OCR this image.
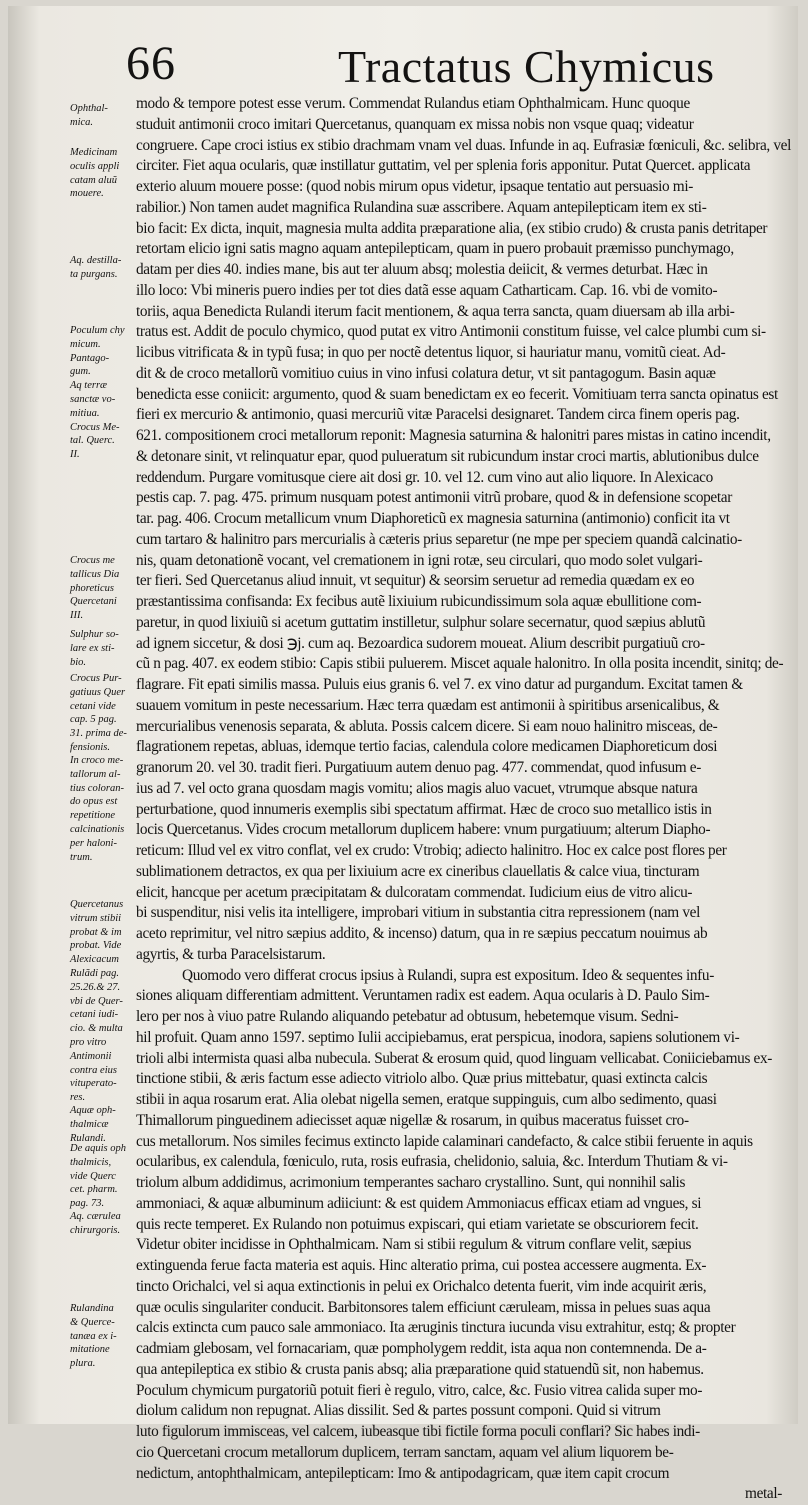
66	Tractatus Chymicus
Ophthal-
mica.
Medicinam
oculis appli
catam aluũ
mouere.
Aq. destilla-
ta purgans.
Poculum chy
micum.
Pantago-
gum.
Aq terræ
sanctæ vo-
mitiua.
Crocus Me-
tal. Querc.
II.
Crocus me
tallicus Dia
phoreticus
Quercetani
III.
Sulphur so-
lare ex sti-
bio.
Crocus Pur-
gatiuus Quer
cetani vide
cap. 5 pag.
31. prima de-
fensionis.
In croco me-
tallorum al-
tius coloran-
do opus est
repetitione
calcinationis
per haloni-
trum.
Quercetanus
vitrum stibii
probat & im
probat. Vide
Alexicacum
Rulãdi pag.
25.26.& 27.
vbi de Quer-
cetani iudi-
cio. & multa
pro vitro
Antimonii
contra eius
vituperato-
res.
Aquæ oph-
thalmicæ
Rulandi.
De aquis oph
thalmicis,
vide Querc
cet. pharm.
pag. 73.
Aq. cærulea
chirurgoris.
Rulandina
& Querce-
tanæa ex i-
mitatione
plura.
modo & tempore potest esse verum. Commendat Rulandus etiam Ophthalmicam. Hunc quoque
studuit antimonii croco imitari Quercetanus, quanquam ex missa nobis non vsque quaq; videatur
congruere. Cape croci istius ex stibio drachmam vnam vel duas. Infunde in aq. Eufrasiæ fœniculi, &c. selibra, vel
circiter. Fiet aqua ocularis, quæ instillatur guttatim, vel per splenia foris apponitur. Putat Quercet. applicata
exterio aluum mouere posse: (quod nobis mirum opus videtur, ipsaque tentatio aut persuasio mi-
rabilior.) Non tamen audet magnifica Rulandina suæ asscribere. Aquam antepilepticam item ex sti-
bio facit: Ex dicta, inquit, magnesia multa addita præparatione alia, (ex stibio crudo) & crusta panis detritaper
retortam elicio igni satis magno aquam antepilepticam, quam in puero probauit præmisso punchymago,
datam per dies 40. indies mane, bis aut ter aluum absq; molestia deiicit, & vermes deturbat. Hæc in
illo loco: Vbi mineris puero indies per tot dies datã esse aquam Catharticam. Cap. 16. vbi de vomito-
toriis, aqua Benedicta Rulandi iterum facit mentionem, & aqua terra sancta, quam diuersam ab illa arbi-
tratus est. Addit de poculo chymico, quod putat ex vitro Antimonii constitum fuisse, vel calce plumbi cum si-
licibus vitrificata & in typũ fusa; in quo per noctẽ detentus liquor, si hauriatur manu, vomitũ cieat. Ad-
dit & de croco metallorũ vomitiuo cuius in vino infusi colatura detur, vt sit pantagogum. Basin aquæ
benedicta esse coniicit: argumento, quod & suam benedictam ex eo fecerit. Vomitiuam terra sancta opinatus est
fieri ex mercurio & antimonio, quasi mercuriũ vitæ Paracelsi designaret. Tandem circa finem operis pag.
621. compositionem croci metallorum reponit: Magnesia saturnina & halonitri pares mistas in catino incendit,
& detonare sinit, vt relinquatur epar, quod pulueratum sit rubicundum instar croci martis, ablutionibus dulce
reddendum. Purgare vomitusque ciere ait dosi gr. 10. vel 12. cum vino aut alio liquore. In Alexicaco
pestis cap. 7. pag. 475. primum nusquam potest antimonii vitrũ probare, quod & in defensione scopetar
tar. pag. 406. Crocum metallicum vnum Diaphoreticũ ex magnesia saturnina (antimonio) conficit ita vt
cum tartaro & halinitro pars mercurialis à cæteris prius separetur (ne mpe per speciem quandã calcinatio-
nis, quam detonationẽ vocant, vel cremationem in igni rotæ, seu circulari, quo modo solet vulgari-
ter fieri. Sed Quercetanus aliud innuit, vt sequitur) & seorsim seruetur ad remedia quædam ex eo
præstantissima confisanda: Ex fecibus autẽ lixiuium rubicundissimum sola aquæ ebullitione com-
paretur, in quod lixiuiũ si acetum guttatim instilletur, sulphur solare secernatur, quod sæpius ablutũ
ad ignem siccetur, & dosi ℈j. cum aq. Bezoardica sudorem moueat. Alium describit purgatiuũ cro-
cũ n pag. 407. ex eodem stibio: Capis stibii puluerem. Miscet aquale halonitro. In olla posita incendit, sinitq; de-
flagrare. Fit epati similis massa. Puluis eius granis 6. vel 7. ex vino datur ad purgandum. Excitat tamen &
suauem vomitum in peste necessarium. Hæc terra quædam est antimonii à spiritibus arsenicalibus, &
mercurialibus venenosis separata, & abluta. Possis calcem dicere. Si eam nouo halinitro misceas, de-
flagrationem repetas, abluas, idemque tertio facias, calendula colore medicamen Diaphoreticum dosi
granorum 20. vel 30. tradit fieri. Purgatiuum autem denuo pag. 477. commendat, quod infusum e-
ius ad 7. vel octo grana quosdam magis vomitu; alios magis aluo vacuet, vtrumque absque natura
perturbatione, quod innumeris exemplis sibi spectatum affirmat. Hæc de croco suo metallico istis in
locis Quercetanus. Vides crocum metallorum duplicem habere: vnum purgatiuum; alterum Diapho-
reticum: Illud vel ex vitro conflat, vel ex crudo: Vtrobiq; adiecto halinitro. Hoc ex calce post flores per
sublimationem detractos, ex qua per lixiuium acre ex cineribus clauellatis & calce viua, tincturam
elicit, hancque per acetum præcipitatam & dulcoratam commendat. Iudicium eius de vitro alicu-
bi suspenditur, nisi velis ita intelligere, improbari vitium in substantia citra repressionem (nam vel
aceto reprimitur, vel nitro sæpius addito, & incenso) datum, qua in re sæpius peccatum nouimus ab
agyrtis, & turba Paracelsistarum.
Quomodo vero differat crocus ipsius à Rulandi, supra est expositum. Ideo & sequentes infu-
siones aliquam differentiam admittent. Veruntamen radix est eadem. Aqua ocularis à D. Paulo Sim-
lero per nos à viuo patre Rulando aliquando petebatur ad obtusum, hebetemque visum. Sedni-
hil profuit. Quam anno 1597. septimo Iulii accipiebamus, erat perspicua, inodora, sapiens solutionem vi-
trioli albi intermista quasi alba nubecula. Suberat & erosum quid, quod linguam vellicabat. Coniiciebamus ex-
tinctione stibii, & æris factum esse adiecto vitriolo albo. Quæ prius mittebatur, quasi extincta calcis
stibii in aqua rosarum erat. Alia olebat nigella semen, eratque suppinguis, cum albo sedimento, quasi
Thimallorum pinguedinem adiecisset aquæ nigellæ & rosarum, in quibus maceratus fuisset cro-
cus metallorum. Nos similes fecimus extincto lapide calaminari candefacto, & calce stibii feruente in aquis
ocularibus, ex calendula, fœniculo, ruta, rosis eufrasia, chelidonio, saluia, &c. Interdum Thutiam & vi-
triolum album addidimus, acrimonium temperantes sacharo crystallino. Sunt, qui nonnihil salis
ammoniaci, & aquæ albuminum adiiciunt: & est quidem Ammoniacus efficax etiam ad vngues, si
quis recte temperet. Ex Rulando non potuimus expiscari, qui etiam varietate se obscuriorem fecit.
Videtur obiter incidisse in Ophthalmicam. Nam si stibii regulum & vitrum conflare velit, sæpius
extinguenda ferue facta materia est aquis. Hinc alteratio prima, cui postea accessere augmenta. Ex-
tincto Orichalci, vel si aqua extinctionis in pelui ex Orichalco detenta fuerit, vim inde acquirit æris,
quæ oculis singulariter conducit. Barbitonsores talem efficiunt cæruleam, missa in pelues suas aqua
calcis extincta cum pauco sale ammoniaco. Ita æruginis tinctura iucunda visu extrahitur, estq; & propter
cadmiam glebosam, vel fornacariam, quæ pompholygem reddit, ista aqua non contemnenda. De a-
qua antepileptica ex stibio & crusta panis absq; alia præparatione quid statuendũ sit, non habemus.
Poculum chymicum purgatoriũ potuit fieri è regulo, vitro, calce, &c. Fusio vitrea calida super mo-
diolum calidum non repugnat. Alias dissilit. Sed & partes possunt componi. Quid si vitrum
luto figulorum immisceas, vel calcem, iubeasque tibi fictile forma poculi conflari? Sic habes indi-
cio Quercetani crocum metallorum duplicem, terram sanctam, aquam vel alium liquorem be-
nedictum, antophthalmicam, antepilepticam: Imo & antipodagricam, quæ item capit crocum
metal-
